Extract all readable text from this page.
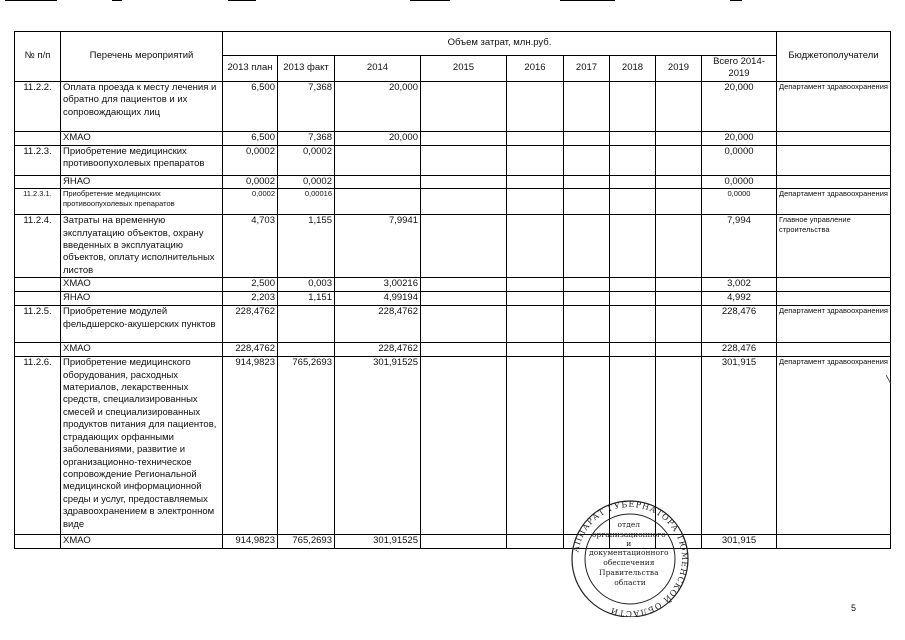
№ п/п	Перечень мероприятий	Объем затрат, млн.руб.									Бюджетополучатели
		2013 план	2013 факт	2014	2015	2016	2017	2018	2019	Всего 2014-2019	
11.2.2.	Оплата проезда к месту лечения и обратно для пациентов и их сопровождающих лиц	6,500	7,368	20,000						20,000	Департамент здравоохранения
	ХМАО	6,500	7,368	20,000						20,000	
11.2.3.	Приобретение медицинских противоопухолевых препаратов	0,0002	0,0002							0,0000	
	ЯНАО	0,0002	0,0002							0,0000	
11.2.3.1.	Приобретение медицинских противоопухолевых препаратов	0,0002	0,00016							0,0000	Департамент здравоохранения
11.2.4.	Затраты на временную эксплуатацию объектов, охрану введенных в эксплуатацию объектов, оплату исполнительных листов	4,703	1,155	7,9941						7,994	Главное управление строительства
	ХМАО	2,500	0,003	3,00216						3,002	
	ЯНАО	2,203	1,151	4,99194						4,992	
11.2.5.	Приобретение модулей фельдшерско-акушерских пунктов	228,4762		228,4762						228,476	Департамент здравоохранения
	ХМАО	228,4762		228,4762						228,476	
11.2.6.	Приобретение медицинского оборудования, расходных материалов, лекарственных средств, специализированных смесей и специализированных продуктов питания для пациентов, страдающих орфанными заболеваниями, развитие и организационно-техническое сопровождение Региональной медицинской информационной среды и услуг, предоставляемых здравоохранением в электронном виде	914,9823	765,2693	301,91525						301,915	Департамент здравоохранения
	ХМАО	914,9823	765,2693	301,91525						301,915	
АППАРАТ ГУБЕРНАТОРА ТЮМЕНСКОЙ ОБЛАСТИ
отдел организационного и документационного обеспечения Правительства области
5
